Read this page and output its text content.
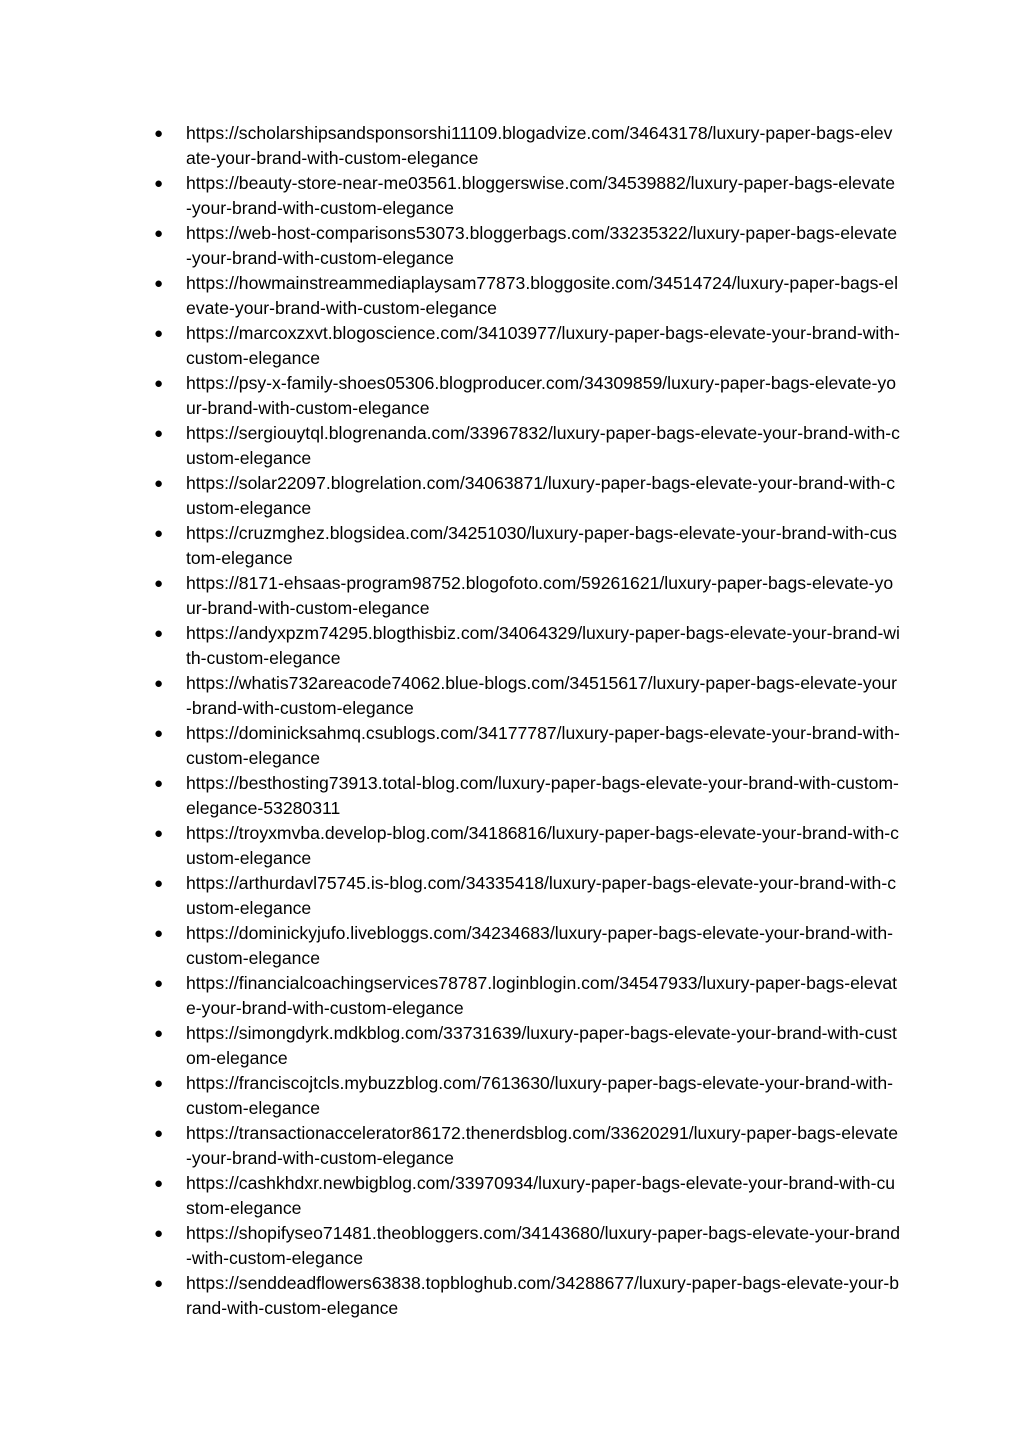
●	https://scholarshipsandsponsorshi11109.blogadvize.com/34643178/luxury-paper-bags-elevate-your-brand-with-custom-elegance
●	https://beauty-store-near-me03561.bloggerswise.com/34539882/luxury-paper-bags-elevate-your-brand-with-custom-elegance
●	https://web-host-comparisons53073.bloggerbags.com/33235322/luxury-paper-bags-elevate-your-brand-with-custom-elegance
●	https://howmainstreammediaplaysam77873.bloggosite.com/34514724/luxury-paper-bags-elevate-your-brand-with-custom-elegance
●	https://marcoxzxvt.blogoscience.com/34103977/luxury-paper-bags-elevate-your-brand-with-custom-elegance
●	https://psy-x-family-shoes05306.blogproducer.com/34309859/luxury-paper-bags-elevate-your-brand-with-custom-elegance
●	https://sergiouytql.blogrenanda.com/33967832/luxury-paper-bags-elevate-your-brand-with-custom-elegance
●	https://solar22097.blogrelation.com/34063871/luxury-paper-bags-elevate-your-brand-with-custom-elegance
●	https://cruzmghez.blogsidea.com/34251030/luxury-paper-bags-elevate-your-brand-with-custom-elegance
●	https://8171-ehsaas-program98752.blogofoto.com/59261621/luxury-paper-bags-elevate-your-brand-with-custom-elegance
●	https://andyxpzm74295.blogthisbiz.com/34064329/luxury-paper-bags-elevate-your-brand-with-custom-elegance
●	https://whatis732areacode74062.blue-blogs.com/34515617/luxury-paper-bags-elevate-your-brand-with-custom-elegance
●	https://dominicksahmq.csublogs.com/34177787/luxury-paper-bags-elevate-your-brand-with-custom-elegance
●	https://besthosting73913.total-blog.com/luxury-paper-bags-elevate-your-brand-with-custom-elegance-53280311
●	https://troyxmvba.develop-blog.com/34186816/luxury-paper-bags-elevate-your-brand-with-custom-elegance
●	https://arthurdavl75745.is-blog.com/34335418/luxury-paper-bags-elevate-your-brand-with-custom-elegance
●	https://dominickyjufo.livebloggs.com/34234683/luxury-paper-bags-elevate-your-brand-with-custom-elegance
●	https://financialcoachingservices78787.loginblogin.com/34547933/luxury-paper-bags-elevate-your-brand-with-custom-elegance
●	https://simongdyrk.mdkblog.com/33731639/luxury-paper-bags-elevate-your-brand-with-custom-elegance
●	https://franciscojtcls.mybuzzblog.com/7613630/luxury-paper-bags-elevate-your-brand-with-custom-elegance
●	https://transactionaccelerator86172.thenerdsblog.com/33620291/luxury-paper-bags-elevate-your-brand-with-custom-elegance
●	https://cashkhdxr.newbigblog.com/33970934/luxury-paper-bags-elevate-your-brand-with-custom-elegance
●	https://shopifyseo71481.theobloggers.com/34143680/luxury-paper-bags-elevate-your-brand-with-custom-elegance
●	https://senddeadflowers63838.topbloghub.com/34288677/luxury-paper-bags-elevate-your-brand-with-custom-elegance
